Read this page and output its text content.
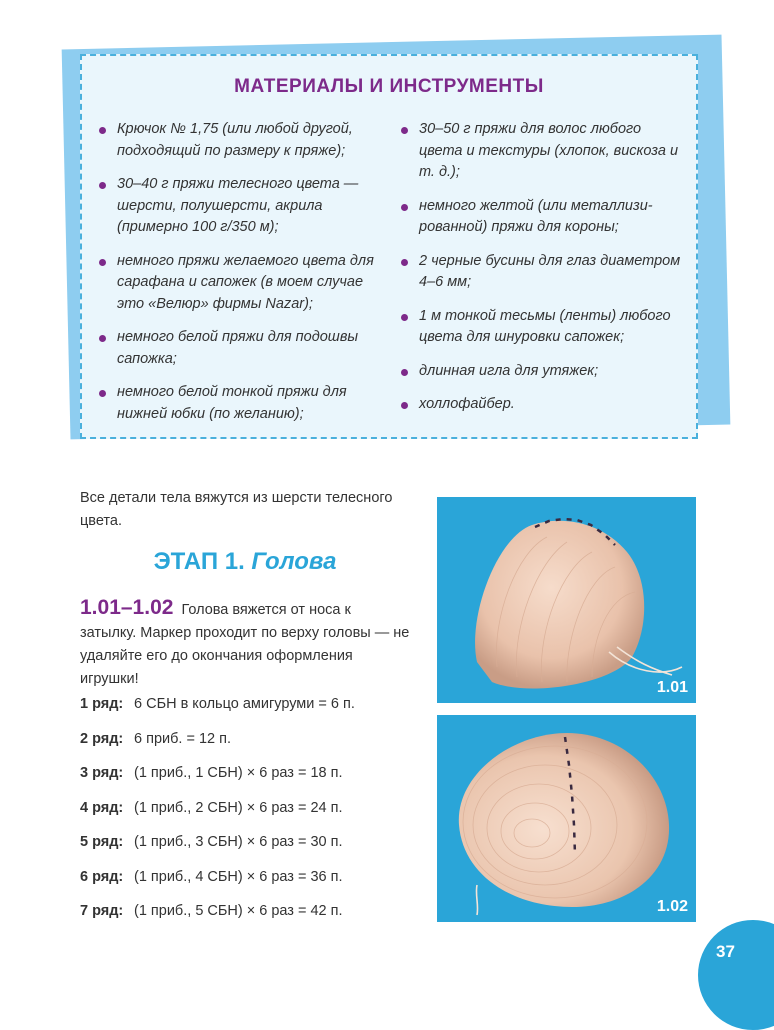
МАТЕРИАЛЫ И ИНСТРУМЕНТЫ
Крючок № 1,75 (или любой другой, подходящий по размеру к пряже);
30–40 г пряжи телесного цвета — шерсти, полушерсти, акрила (примерно 100 г/350 м);
немного пряжи желаемого цвета для сарафана и сапожек (в моем случае это «Велюр» фирмы Nazar);
немного белой пряжи для подошвы сапожка;
немного белой тонкой пряжи для нижней юбки (по желанию);
30–50 г пряжи для волос любого цвета и текстуры (хлопок, вискоза и т. д.);
немного желтой (или металлизи-рованной) пряжи для короны;
2 черные бусины для глаз диаметром 4–6 мм;
1 м тонкой тесьмы (ленты) любого цвета для шнуровки сапожек;
длинная игла для утяжек;
холлофайбер.
Все детали тела вяжутся из шерсти телесного цвета.
ЭТАП 1. Голова
1.01–1.02 Голова вяжется от носа к затылку. Маркер проходит по верху головы — не удаляйте его до окончания оформления игрушки!
1 ряд: 6 СБН в кольцо амигуруми = 6 п.
2 ряд: 6 приб. = 12 п.
3 ряд: (1 приб., 1 СБН) × 6 раз = 18 п.
4 ряд: (1 приб., 2 СБН) × 6 раз = 24 п.
5 ряд: (1 приб., 3 СБН) × 6 раз = 30 п.
6 ряд: (1 приб., 4 СБН) × 6 раз = 36 п.
7 ряд: (1 приб., 5 СБН) × 6 раз = 42 п.
1.01
1.02
37
